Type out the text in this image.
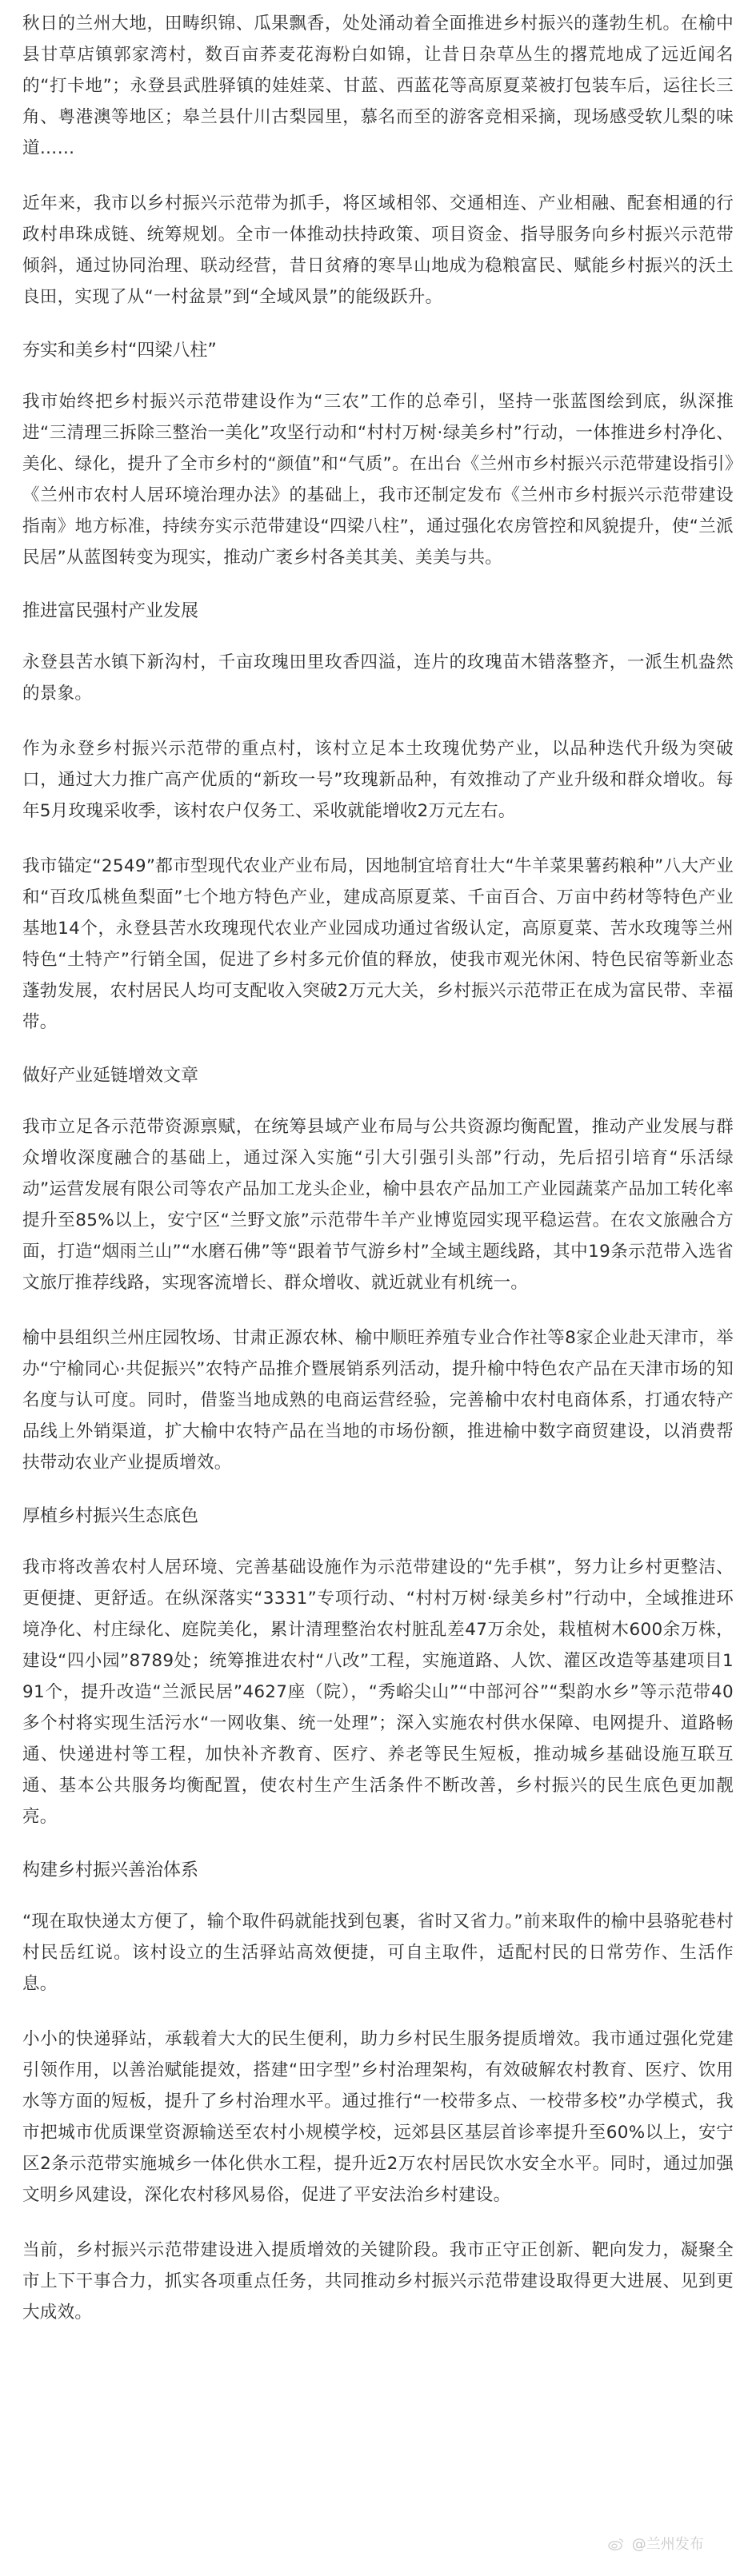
秋日的兰州大地，田畴织锦、瓜果飘香，处处涌动着全面推进乡村振兴的蓬勃生机。在榆中县甘草店镇郭家湾村，数百亩荞麦花海粉白如锦，让昔日杂草丛生的撂荒地成了远近闻名的“打卡地”；永登县武胜驿镇的娃娃菜、甘蓝、西蓝花等高原夏菜被打包装车后，运往长三角、粤港澳等地区；皋兰县什川古梨园里，慕名而至的游客竞相采摘，现场感受软儿梨的味道……

近年来，我市以乡村振兴示范带为抓手，将区域相邻、交通相连、产业相融、配套相通的行政村串珠成链、统筹规划。全市一体推动扶持政策、项目资金、指导服务向乡村振兴示范带倾斜，通过协同治理、联动经营，昔日贫瘠的寒旱山地成为稳粮富民、赋能乡村振兴的沃土良田，实现了从“一村盆景”到“全域风景”的能级跃升。

夯实和美乡村“四梁八柱”

我市始终把乡村振兴示范带建设作为“三农”工作的总牵引，坚持一张蓝图绘到底，纵深推进“三清理三拆除三整治一美化”攻坚行动和“村村万树·绿美乡村”行动，一体推进乡村净化、美化、绿化，提升了全市乡村的“颜值”和“气质”。在出台《兰州市乡村振兴示范带建设指引》《兰州市农村人居环境治理办法》的基础上，我市还制定发布《兰州市乡村振兴示范带建设指南》地方标准，持续夯实示范带建设“四梁八柱”，通过强化农房管控和风貌提升，使“兰派民居”从蓝图转变为现实，推动广袤乡村各美其美、美美与共。

推进富民强村产业发展

永登县苦水镇下新沟村，千亩玫瑰田里玫香四溢，连片的玫瑰苗木错落整齐，一派生机盎然的景象。

作为永登乡村振兴示范带的重点村，该村立足本土玫瑰优势产业，以品种迭代升级为突破口，通过大力推广高产优质的“新玫一号”玫瑰新品种，有效推动了产业升级和群众增收。每年5月玫瑰采收季，该村农户仅务工、采收就能增收2万元左右。

我市锚定“2549”都市型现代农业产业布局，因地制宜培育壮大“牛羊菜果薯药粮种”八大产业和“百玫瓜桃鱼梨面”七个地方特色产业，建成高原夏菜、千亩百合、万亩中药材等特色产业基地14个，永登县苦水玫瑰现代农业产业园成功通过省级认定，高原夏菜、苦水玫瑰等兰州特色“土特产”行销全国，促进了乡村多元价值的释放，使我市观光休闲、特色民宿等新业态蓬勃发展，农村居民人均可支配收入突破2万元大关，乡村振兴示范带正在成为富民带、幸福带。

做好产业延链增效文章

我市立足各示范带资源禀赋，在统筹县域产业布局与公共资源均衡配置，推动产业发展与群众增收深度融合的基础上，通过深入实施“引大引强引头部”行动，先后招引培育“乐活绿动”运营发展有限公司等农产品加工龙头企业，榆中县农产品加工产业园蔬菜产品加工转化率提升至85%以上，安宁区“兰野文旅”示范带牛羊产业博览园实现平稳运营。在农文旅融合方面，打造“烟雨兰山”“水磨石佛”等“跟着节气游乡村”全域主题线路，其中19条示范带入选省文旅厅推荐线路，实现客流增长、群众增收、就近就业有机统一。

榆中县组织兰州庄园牧场、甘肃正源农林、榆中顺旺养殖专业合作社等8家企业赴天津市，举办“宁榆同心·共促振兴”农特产品推介暨展销系列活动，提升榆中特色农产品在天津市场的知名度与认可度。同时，借鉴当地成熟的电商运营经验，完善榆中农村电商体系，打通农特产品线上外销渠道，扩大榆中农特产品在当地的市场份额，推进榆中数字商贸建设，以消费帮扶带动农业产业提质增效。

厚植乡村振兴生态底色

我市将改善农村人居环境、完善基础设施作为示范带建设的“先手棋”，努力让乡村更整洁、更便捷、更舒适。在纵深落实“3331”专项行动、“村村万树·绿美乡村”行动中，全域推进环境净化、村庄绿化、庭院美化，累计清理整治农村脏乱差47万余处，栽植树木600余万株，建设“四小园”8789处；统筹推进农村“八改”工程，实施道路、人饮、灌区改造等基建项目191个，提升改造“兰派民居”4627座（院），“秀峪尖山”“中部河谷”“梨韵水乡”等示范带40多个村将实现生活污水“一网收集、统一处理”；深入实施农村供水保障、电网提升、道路畅通、快递进村等工程，加快补齐教育、医疗、养老等民生短板，推动城乡基础设施互联互通、基本公共服务均衡配置，使农村生产生活条件不断改善，乡村振兴的民生底色更加靓亮。

构建乡村振兴善治体系

“现在取快递太方便了，输个取件码就能找到包裹，省时又省力。”前来取件的榆中县骆驼巷村村民岳红说。该村设立的生活驿站高效便捷，可自主取件，适配村民的日常劳作、生活作息。

小小的快递驿站，承载着大大的民生便利，助力乡村民生服务提质增效。我市通过强化党建引领作用，以善治赋能提效，搭建“田字型”乡村治理架构，有效破解农村教育、医疗、饮用水等方面的短板，提升了乡村治理水平。通过推行“一校带多点、一校带多校”办学模式，我市把城市优质课堂资源输送至农村小规模学校，远郊县区基层首诊率提升至60%以上，安宁区2条示范带实施城乡一体化供水工程，提升近2万农村居民饮水安全水平。同时，通过加强文明乡风建设，深化农村移风易俗，促进了平安法治乡村建设。

当前，乡村振兴示范带建设进入提质增效的关键阶段。我市正守正创新、靶向发力，凝聚全市上下干事合力，抓实各项重点任务，共同推动乡村振兴示范带建设取得更大进展、见到更大成效。

@兰州发布
